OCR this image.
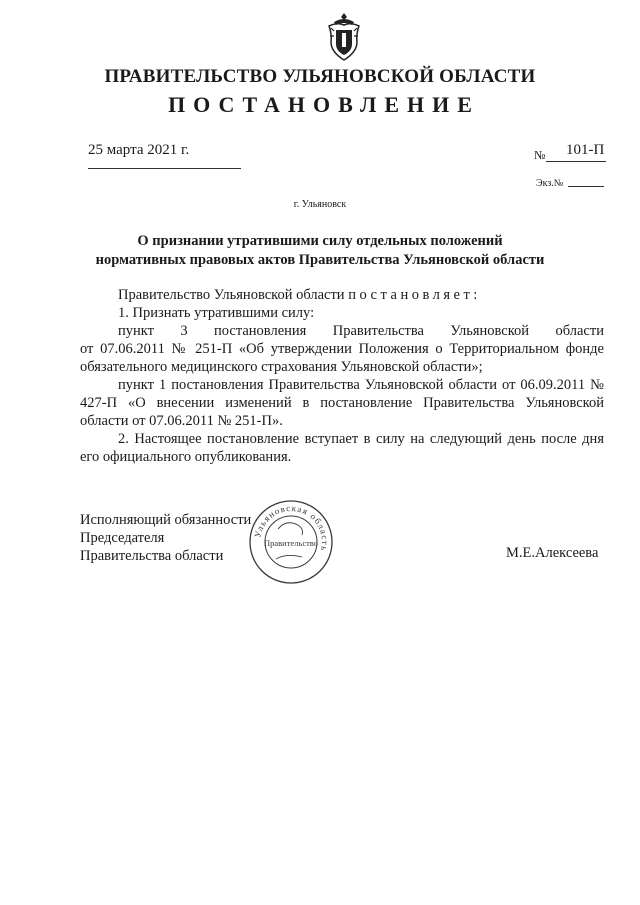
ПРАВИТЕЛЬСТВО УЛЬЯНОВСКОЙ ОБЛАСТИ
ПОСТАНОВЛЕНИЕ
25 марта 2021 г.	№ 101-П
Экз.№
г. Ульяновск
О признании утратившими силу отдельных положений
нормативных правовых актов Правительства Ульяновской области

Правительство Ульяновской области постановляет:

1. Признать утратившими силу:

пункт 3 постановления Правительства Ульяновской области

от 07.06.2011 № 251-П «Об утверждении Положения о Территориальном фонде обязательного медицинского страхования Ульяновской области»;

пункт 1 постановления Правительства Ульяновской области от 06.09.2011 № 427-П «О внесении изменений в постановление Правительства Ульяновской области от 07.06.2011 № 251-П».

2. Настоящее постановление вступает в силу на следующий день после дня его официального опубликования.

Исполняющий обязанности
Председателя
Правительства области	М.Е.Алексеева
Ульяновская область
Правительство
